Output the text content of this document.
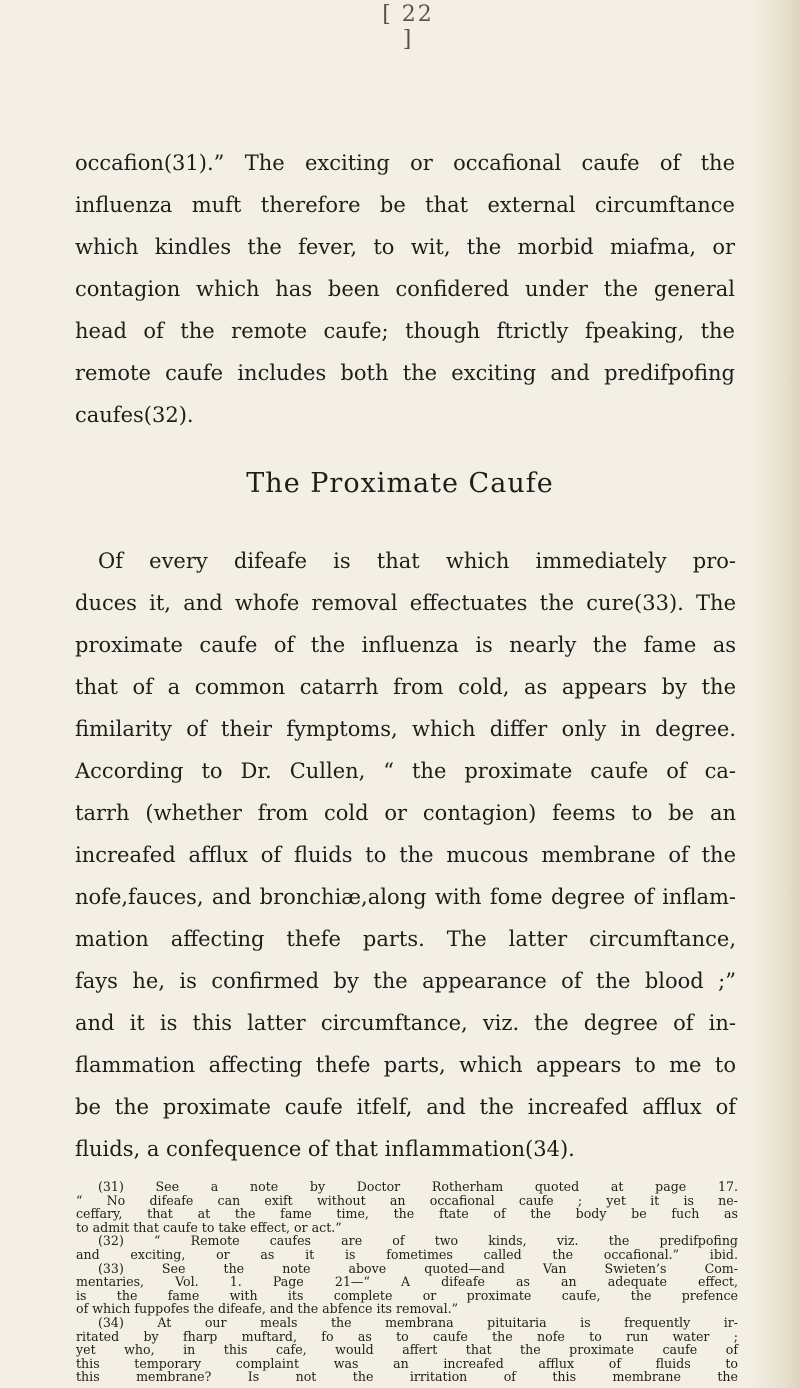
[ 22 ]
occafion(31).” The exciting or occafional caufe of the
influenza muft therefore be that external circumftance
which kindles the fever, to wit, the morbid miafma, or
contagion which has been confidered under the general
head of the remote caufe; though ftrictly fpeaking, the
remote caufe includes both the exciting and predifpofing
caufes(32).
The Proximate Caufe
Of every difeafe is that which immediately pro-
duces it, and whofe removal effectuates the cure(33). The
proximate caufe of the influenza is nearly the fame as
that of a common catarrh from cold, as appears by the
fimilarity of their fymptoms, which differ only in degree.
According to Dr. Cullen, “ the proximate caufe of ca-
tarrh (whether from cold or contagion) feems to be an
increafed afflux of fluids to the mucous membrane of the
nofe,fauces, and bronchiæ,along with fome degree of inflam-
mation affecting thefe parts. The latter circumftance,
fays he, is confirmed by the appearance of the blood ;”
and it is this latter circumftance, viz. the degree of in-
flammation affecting thefe parts, which appears to me to
be the proximate caufe itfelf, and the increafed afflux of
fluids, a confequence of that inflammation(34).
(31) See a note by Doctor Rotherham quoted at page 17.
“ No difeafe can exift without an occafional caufe ; yet it is ne-
ceffary, that at the fame time, the ftate of the body be fuch as
to admit that caufe to take effect, or act.”
(32) “ Remote caufes are of two kinds, viz. the predifpofing
and exciting, or as it is fometimes called the occafional.” ibid.
(33) See the note above quoted—and Van Swieten’s Com-
mentaries, Vol. 1. Page 21—“ A difeafe as an adequate effect,
is the fame with its complete or proximate caufe, the prefence
of which fuppofes the difeafe, and the abfence its removal.”
(34) At our meals the membrana pituitaria is frequently ir-
ritated by fharp muftard, fo as to caufe the nofe to run water ;
yet who, in this cafe, would affert that the proximate caufe of
this temporary complaint was an increafed afflux of fluids to
this membrane? Is not the irritation of this membrane the
